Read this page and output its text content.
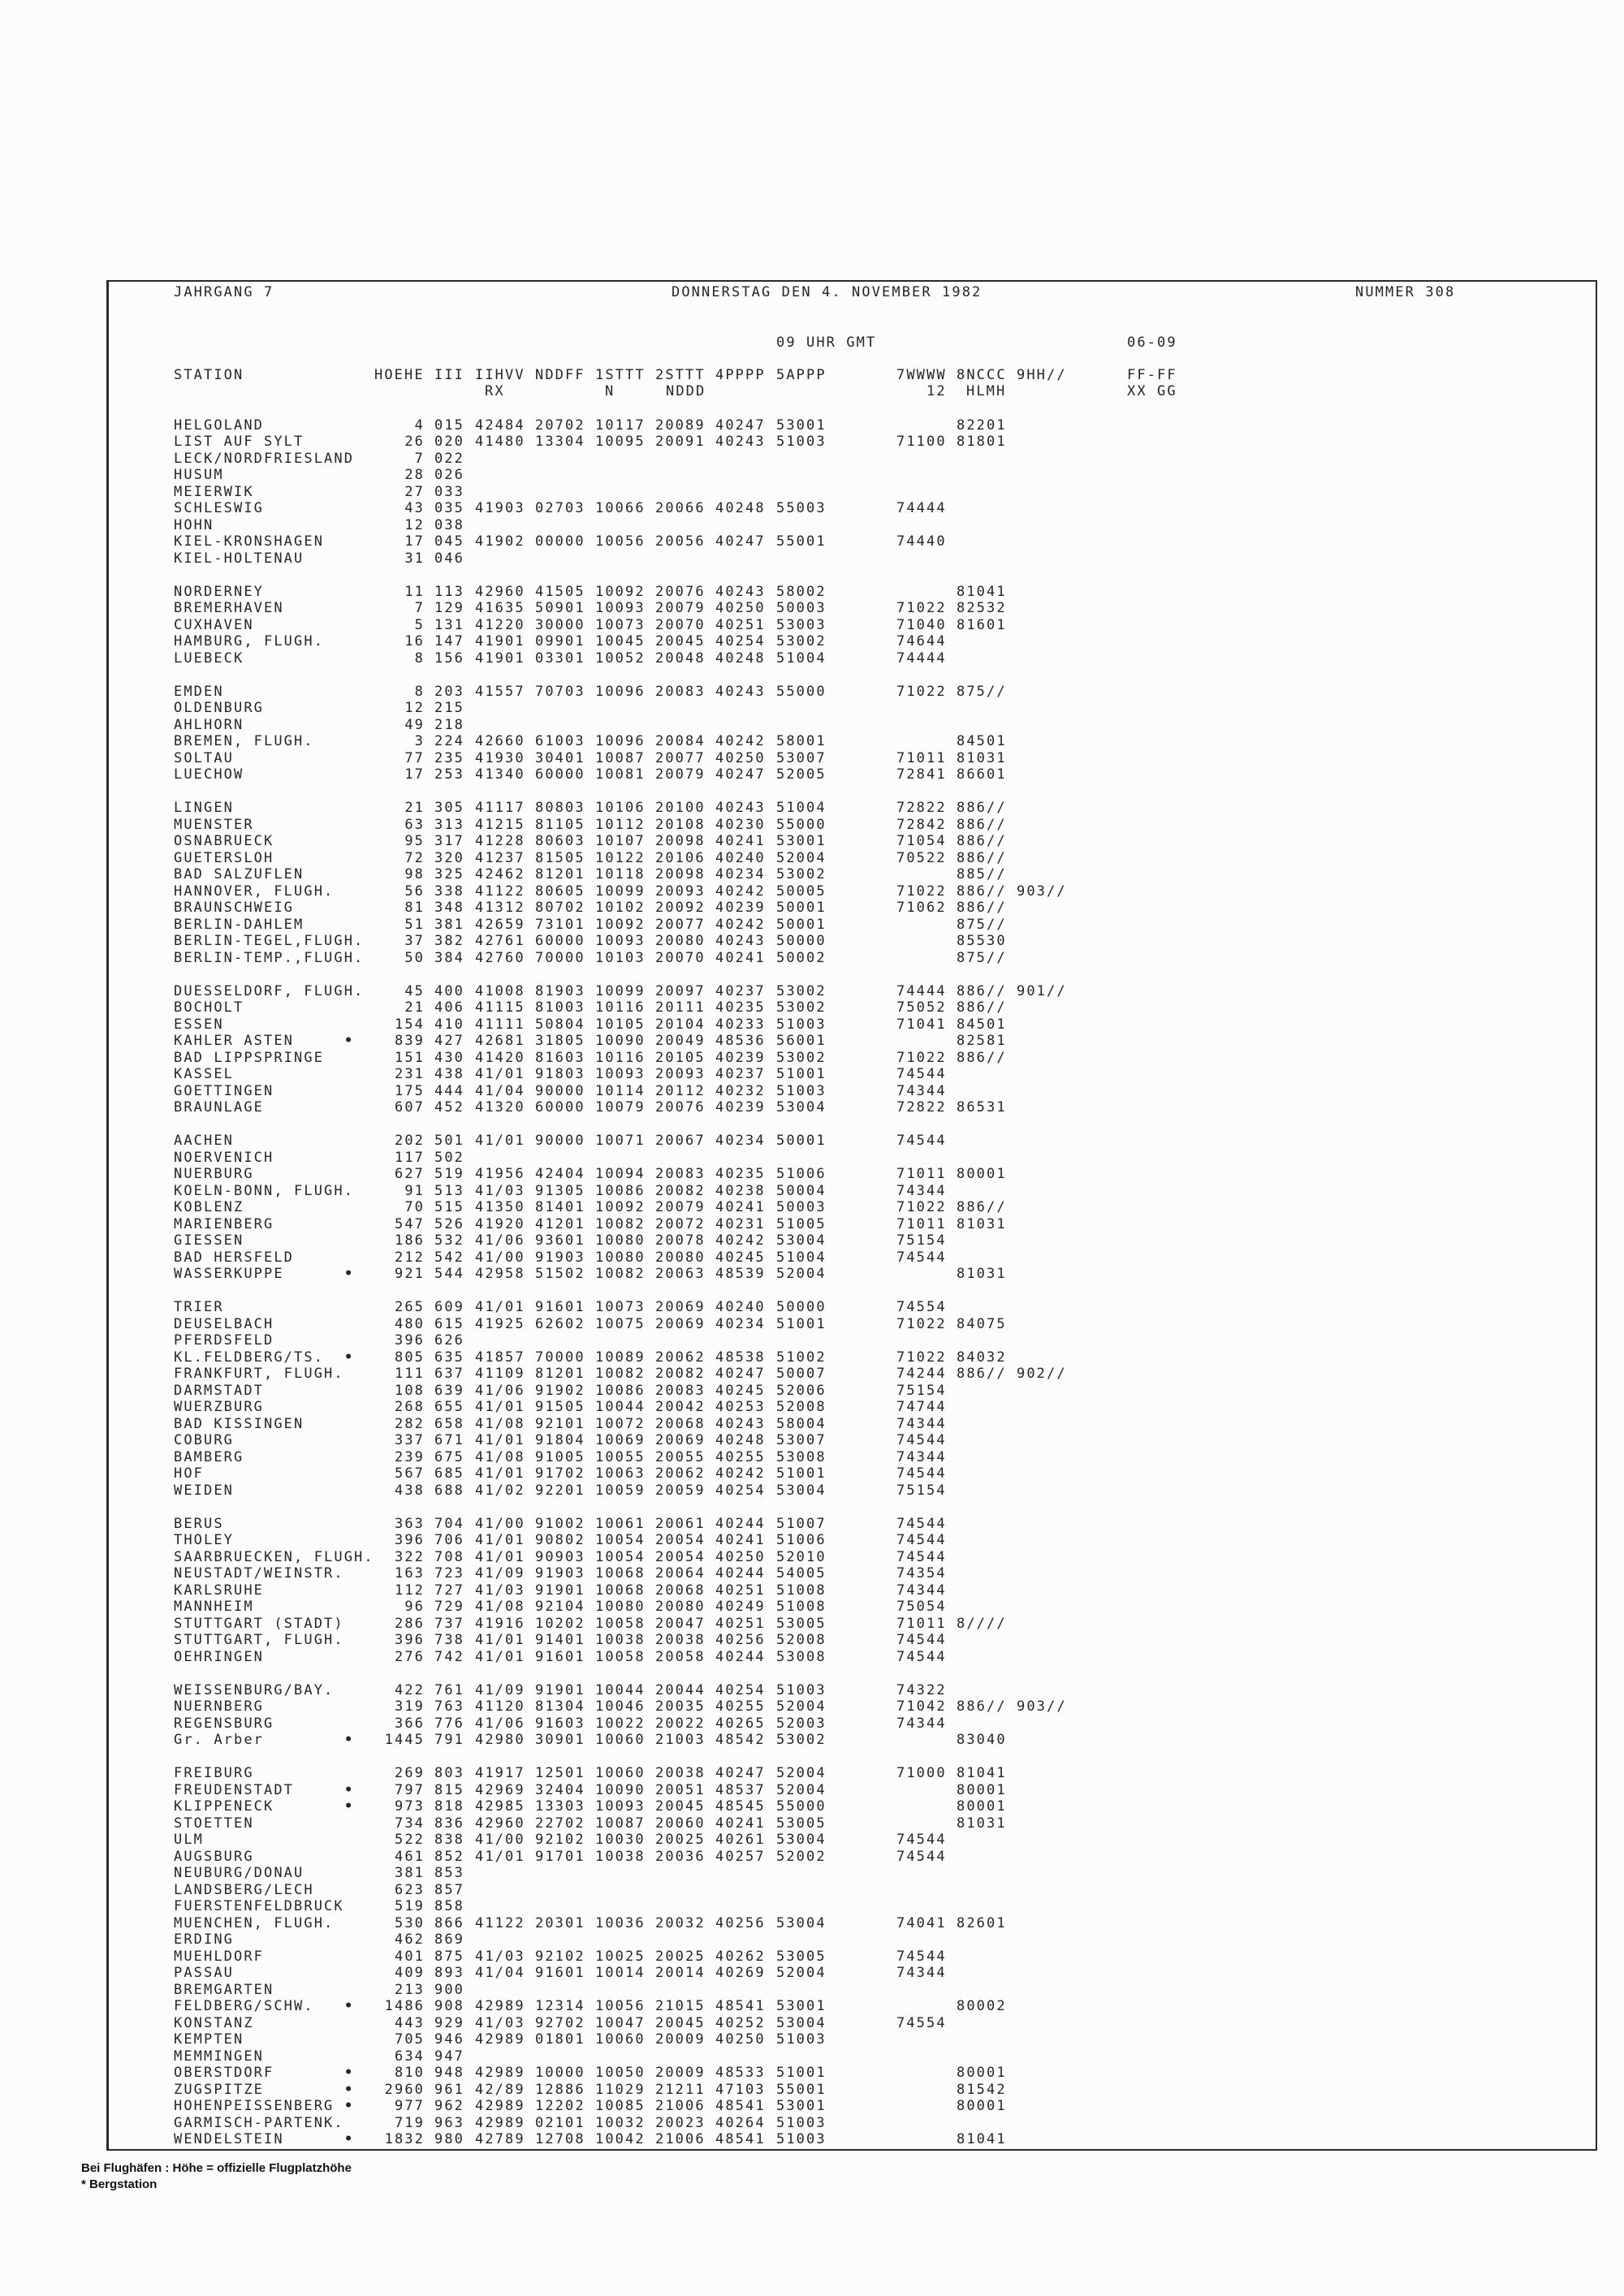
JAHRGANG 7	DONNERSTAG DEN 4. NOVEMBER 1982	NUMMER 308
09 UHR GMT	06-09
STATION	HOEHE III IIHVV NDDFF 1STTT 2STTT 4PPPP 5APPP	7WWWW 8NCCC 9HH//	FF-FF
RX	N	NDDD	12 HLMH	XX GG
HELGOLAND	4 015 42484 20702 10117 20089 40247 53001	82201
LIST AUF SYLT	26 020 41480 13304 10095 20091 40243 51003	71100 81801
LECK/NORDFRIESLAND	7 022
HUSUM	28 026
MEIERWIK	27 033
SCHLESWIG	43 035 41903 02703 10066 20066 40248 55003	74444
HOHN	12 038
KIEL-KRONSHAGEN	17 045 41902 00000 10056 20056 40247 55001	74440
KIEL-HOLTENAU	31 046
NORDERNEY	11 113 42960 41505 10092 20076 40243 58002	81041
BREMERHAVEN	7 129 41635 50901 10093 20079 40250 50003	71022 82532
CUXHAVEN	5 131 41220 30000 10073 20070 40251 53003	71040 81601
HAMBURG, FLUGH.	16 147 41901 09901 10045 20045 40254 53002	74644
LUEBECK	8 156 41901 03301 10052 20048 40248 51004	74444
EMDEN	8 203 41557 70703 10096 20083 40243 55000	71022 875//
OLDENBURG	12 215
AHLHORN	49 218
BREMEN, FLUGH.	3 224 42660 61003 10096 20084 40242 58001	84501
SOLTAU	77 235 41930 30401 10087 20077 40250 53007	71011 81031
LUECHOW	17 253 41340 60000 10081 20079 40247 52005	72841 86601
LINGEN	21 305 41117 80803 10106 20100 40243 51004	72822 886//
MUENSTER	63 313 41215 81105 10112 20108 40230 55000	72842 886//
OSNABRUECK	95 317 41228 80603 10107 20098 40241 53001	71054 886//
GUETERSLOH	72 320 41237 81505 10122 20106 40240 52004	70522 886//
BAD SALZUFLEN	98 325 42462 81201 10118 20098 40234 53002	885//
HANNOVER, FLUGH.	56 338 41122 80605 10099 20093 40242 50005	71022 886// 903//
BRAUNSCHWEIG	81 348 41312 80702 10102 20092 40239 50001	71062 886//
BERLIN-DAHLEM	51 381 42659 73101 10092 20077 40242 50001	875//
BERLIN-TEGEL,FLUGH.	37 382 42761 60000 10093 20080 40243 50000	85530
BERLIN-TEMP.,FLUGH.	50 384 42760 70000 10103 20070 40241 50002	875//
DUESSELDORF, FLUGH.	45 400 41008 81903 10099 20097 40237 53002	74444 886// 901//
BOCHOLT	21 406 41115 81003 10116 20111 40235 53002	75052 886//
ESSEN	154 410 41111 50804 10105 20104 40233 51003	71041 84501
KAHLER ASTEN	•	839 427 42681 31805 10090 20049 48536 56001	82581
BAD LIPPSPRINGE	151 430 41420 81603 10116 20105 40239 53002	71022 886//
KASSEL	231 438 41/01 91803 10093 20093 40237 51001	74544
GOETTINGEN	175 444 41/04 90000 10114 20112 40232 51003	74344
BRAUNLAGE	607 452 41320 60000 10079 20076 40239 53004	72822 86531
AACHEN	202 501 41/01 90000 10071 20067 40234 50001	74544
NOERVENICH	117 502
NUERBURG	627 519 41956 42404 10094 20083 40235 51006	71011 80001
KOELN-BONN, FLUGH.	91 513 41/03 91305 10086 20082 40238 50004	74344
KOBLENZ	70 515 41350 81401 10092 20079 40241 50003	71022 886//
MARIENBERG	547 526 41920 41201 10082 20072 40231 51005	71011 81031
GIESSEN	186 532 41/06 93601 10080 20078 40242 53004	75154
BAD HERSFELD	212 542 41/00 91903 10080 20080 40245 51004	74544
WASSERKUPPE	•	921 544 42958 51502 10082 20063 48539 52004	81031
TRIER	265 609 41/01 91601 10073 20069 40240 50000	74554
DEUSELBACH	480 615 41925 62602 10075 20069 40234 51001	71022 84075
PFERDSFELD	396 626
KL.FELDBERG/TS. •	805 635 41857 70000 10089 20062 48538 51002	71022 84032
FRANKFURT, FLUGH.	111 637 41109 81201 10082 20082 40247 50007	74244 886// 902//
DARMSTADT	108 639 41/06 91902 10086 20083 40245 52006	75154
WUERZBURG	268 655 41/01 91505 10044 20042 40253 52008	74744
BAD KISSINGEN	282 658 41/08 92101 10072 20068 40243 58004	74344
COBURG	337 671 41/01 91804 10069 20069 40248 53007	74544
BAMBERG	239 675 41/08 91005 10055 20055 40255 53008	74344
HOF	567 685 41/01 91702 10063 20062 40242 51001	74544
WEIDEN	438 688 41/02 92201 10059 20059 40254 53004	75154
BERUS	363 704 41/00 91002 10061 20061 40244 51007	74544
THOLEY	396 706 41/01 90802 10054 20054 40241 51006	74544
SAARBRUECKEN, FLUGH.	322 708 41/01 90903 10054 20054 40250 52010	74544
NEUSTADT/WEINSTR.	163 723 41/09 91903 10068 20064 40244 54005	74354
KARLSRUHE	112 727 41/03 91901 10068 20068 40251 51008	74344
MANNHEIM	96 729 41/08 92104 10080 20080 40249 51008	75054
STUTTGART (STADT)	286 737 41916 10202 10058 20047 40251 53005	71011 8////
STUTTGART, FLUGH.	396 738 41/01 91401 10038 20038 40256 52008	74544
OEHRINGEN	276 742 41/01 91601 10058 20058 40244 53008	74544
WEISSENBURG/BAY.	422 761 41/09 91901 10044 20044 40254 51003	74322
NUERNBERG	319 763 41120 81304 10046 20035 40255 52004	71042 886// 903//
REGENSBURG	366 776 41/06 91603 10022 20022 40265 52003	74344
Gr. Arber	•	1445 791 42980 30901 10060 21003 48542 53002	83040
FREIBURG	269 803 41917 12501 10060 20038 40247 52004	71000 81041
FREUDENSTADT	•	797 815 42969 32404 10090 20051 48537 52004	80001
KLIPPENECK	•	973 818 42985 13303 10093 20045 48545 55000	80001
STOETTEN	734 836 42960 22702 10087 20060 40241 53005	81031
ULM	522 838 41/00 92102 10030 20025 40261 53004	74544
AUGSBURG	461 852 41/01 91701 10038 20036 40257 52002	74544
NEUBURG/DONAU	381 853
LANDSBERG/LECH	623 857
FUERSTENFELDBRUCK	519 858
MUENCHEN, FLUGH.	530 866 41122 20301 10036 20032 40256 53004	74041 82601
ERDING	462 869
MUEHLDORF	401 875 41/03 92102 10025 20025 40262 53005	74544
PASSAU	409 893 41/04 91601 10014 20014 40269 52004	74344
BREMGARTEN	213 900
FELDBERG/SCHW. •	1486 908 42989 12314 10056 21015 48541 53001	80002
KONSTANZ	443 929 41/03 92702 10047 20045 40252 53004	74554
KEMPTEN	705 946 42989 01801 10060 20009 40250 51003
MEMMINGEN	634 947
OBERSTDORF	•	810 948 42989 10000 10050 20009 48533 51001	80001
ZUGSPITZE	•	2960 961 42/89 12886 11029 21211 47103 55001	81542
HOHENPEISSENBERG •	977 962 42989 12202 10085 21006 48541 53001	80001
GARMISCH-PARTENK.	719 963 42989 02101 10032 20023 40264 51003
WENDELSTEIN	•	1832 980 42789 12708 10042 21006 48541 51003	81041
Bei Flughäfen : Höhe = offizielle Flugplatzhöhe
* Bergstation
